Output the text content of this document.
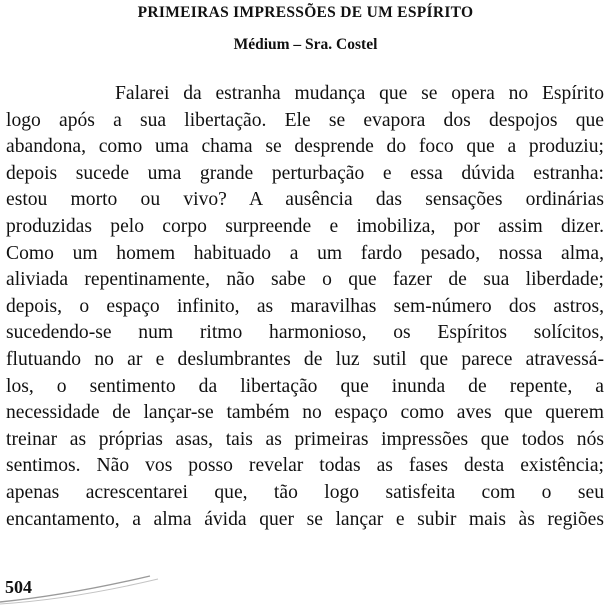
PRIMEIRAS IMPRESSÕES DE UM ESPÍRITO
Médium – Sra. Costel
Falarei da estranha mudança que se opera no Espírito
logo após a sua libertação. Ele se evapora dos despojos que
abandona, como uma chama se desprende do foco que a produziu;
depois sucede uma grande perturbação e essa dúvida estranha:
estou morto ou vivo? A ausência das sensações ordinárias
produzidas pelo corpo surpreende e imobiliza, por assim dizer.
Como um homem habituado a um fardo pesado, nossa alma,
aliviada repentinamente, não sabe o que fazer de sua liberdade;
depois, o espaço infinito, as maravilhas sem-número dos astros,
sucedendo-se num ritmo harmonioso, os Espíritos solícitos,
flutuando no ar e deslumbrantes de luz sutil que parece atravessá-
los, o sentimento da libertação que inunda de repente, a
necessidade de lançar-se também no espaço como aves que querem
treinar as próprias asas, tais as primeiras impressões que todos nós
sentimos. Não vos posso revelar todas as fases desta existência;
apenas acrescentarei que, tão logo satisfeita com o seu
encantamento, a alma ávida quer se lançar e subir mais às regiões
504
